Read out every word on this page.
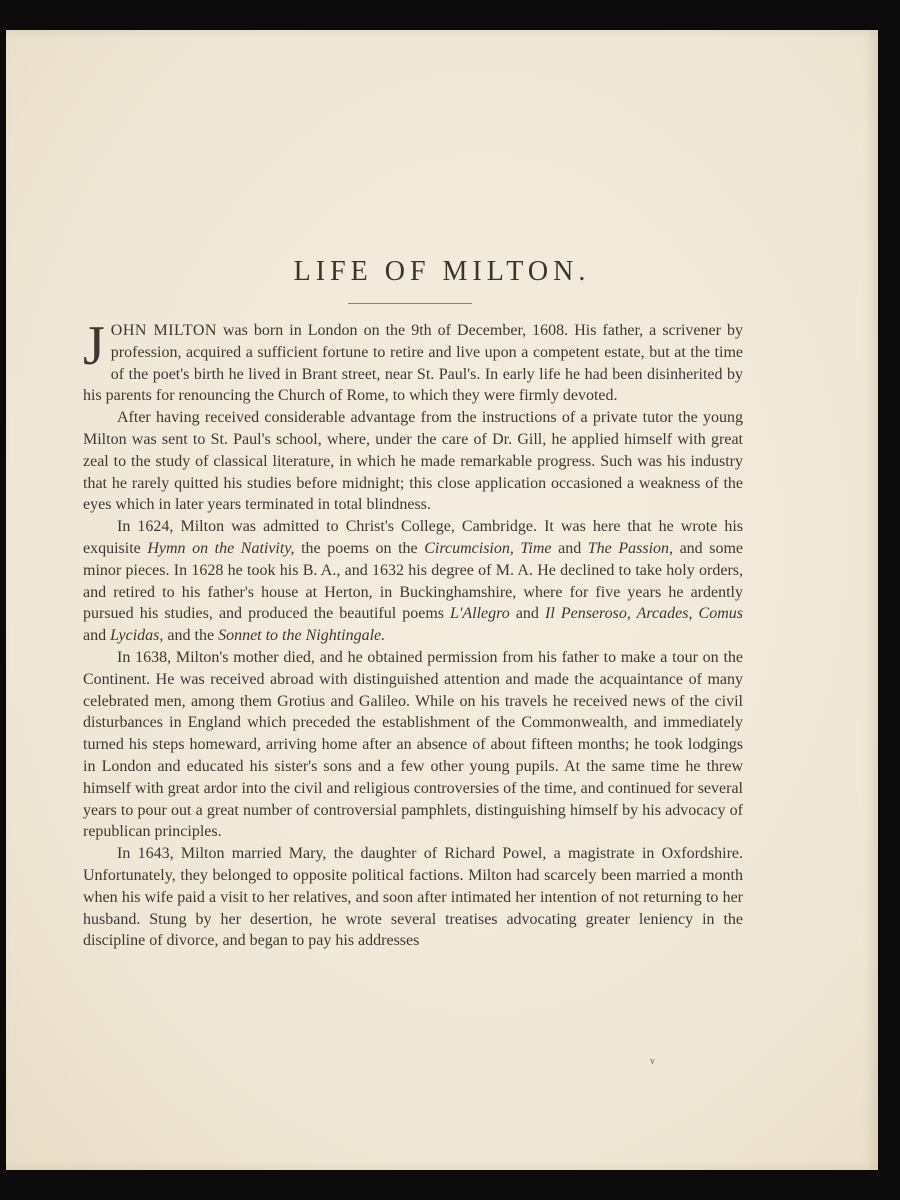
LIFE OF MILTON.

JOHN MILTON was born in London on the 9th of December, 1608. His father, a scrivener by profession, acquired a sufficient fortune to retire and live upon a competent estate, but at the time of the poet's birth he lived in Brant street, near St. Paul's. In early life he had been disinherited by his parents for renouncing the Church of Rome, to which they were firmly devoted.

After having received considerable advantage from the instructions of a private tutor the young Milton was sent to St. Paul's school, where, under the care of Dr. Gill, he applied himself with great zeal to the study of classical literature, in which he made remarkable progress. Such was his industry that he rarely quitted his studies before midnight; this close application occasioned a weakness of the eyes which in later years terminated in total blindness.

In 1624, Milton was admitted to Christ's College, Cambridge. It was here that he wrote his exquisite Hymn on the Nativity, the poems on the Circumcision, Time and The Passion, and some minor pieces. In 1628 he took his B. A., and 1632 his degree of M. A. He declined to take holy orders, and retired to his father's house at Herton, in Buckinghamshire, where for five years he ardently pursued his studies, and produced the beautiful poems L'Allegro and Il Penseroso, Arcades, Comus and Lycidas, and the Sonnet to the Nightingale.

In 1638, Milton's mother died, and he obtained permission from his father to make a tour on the Continent. He was received abroad with distinguished attention and made the acquaintance of many celebrated men, among them Grotius and Galileo. While on his travels he received news of the civil disturbances in England which preceded the establishment of the Commonwealth, and immediately turned his steps homeward, arriving home after an absence of about fifteen months; he took lodgings in London and educated his sister's sons and a few other young pupils. At the same time he threw himself with great ardor into the civil and religious controversies of the time, and continued for several years to pour out a great number of controversial pamphlets, distinguishing himself by his advocacy of republican principles.

In 1643, Milton married Mary, the daughter of Richard Powel, a magistrate in Oxfordshire. Unfortunately, they belonged to opposite political factions. Milton had scarcely been married a month when his wife paid a visit to her relatives, and soon after intimated her intention of not returning to her husband. Stung by her desertion, he wrote several treatises advocating greater leniency in the discipline of divorce, and began to pay his addresses

v
